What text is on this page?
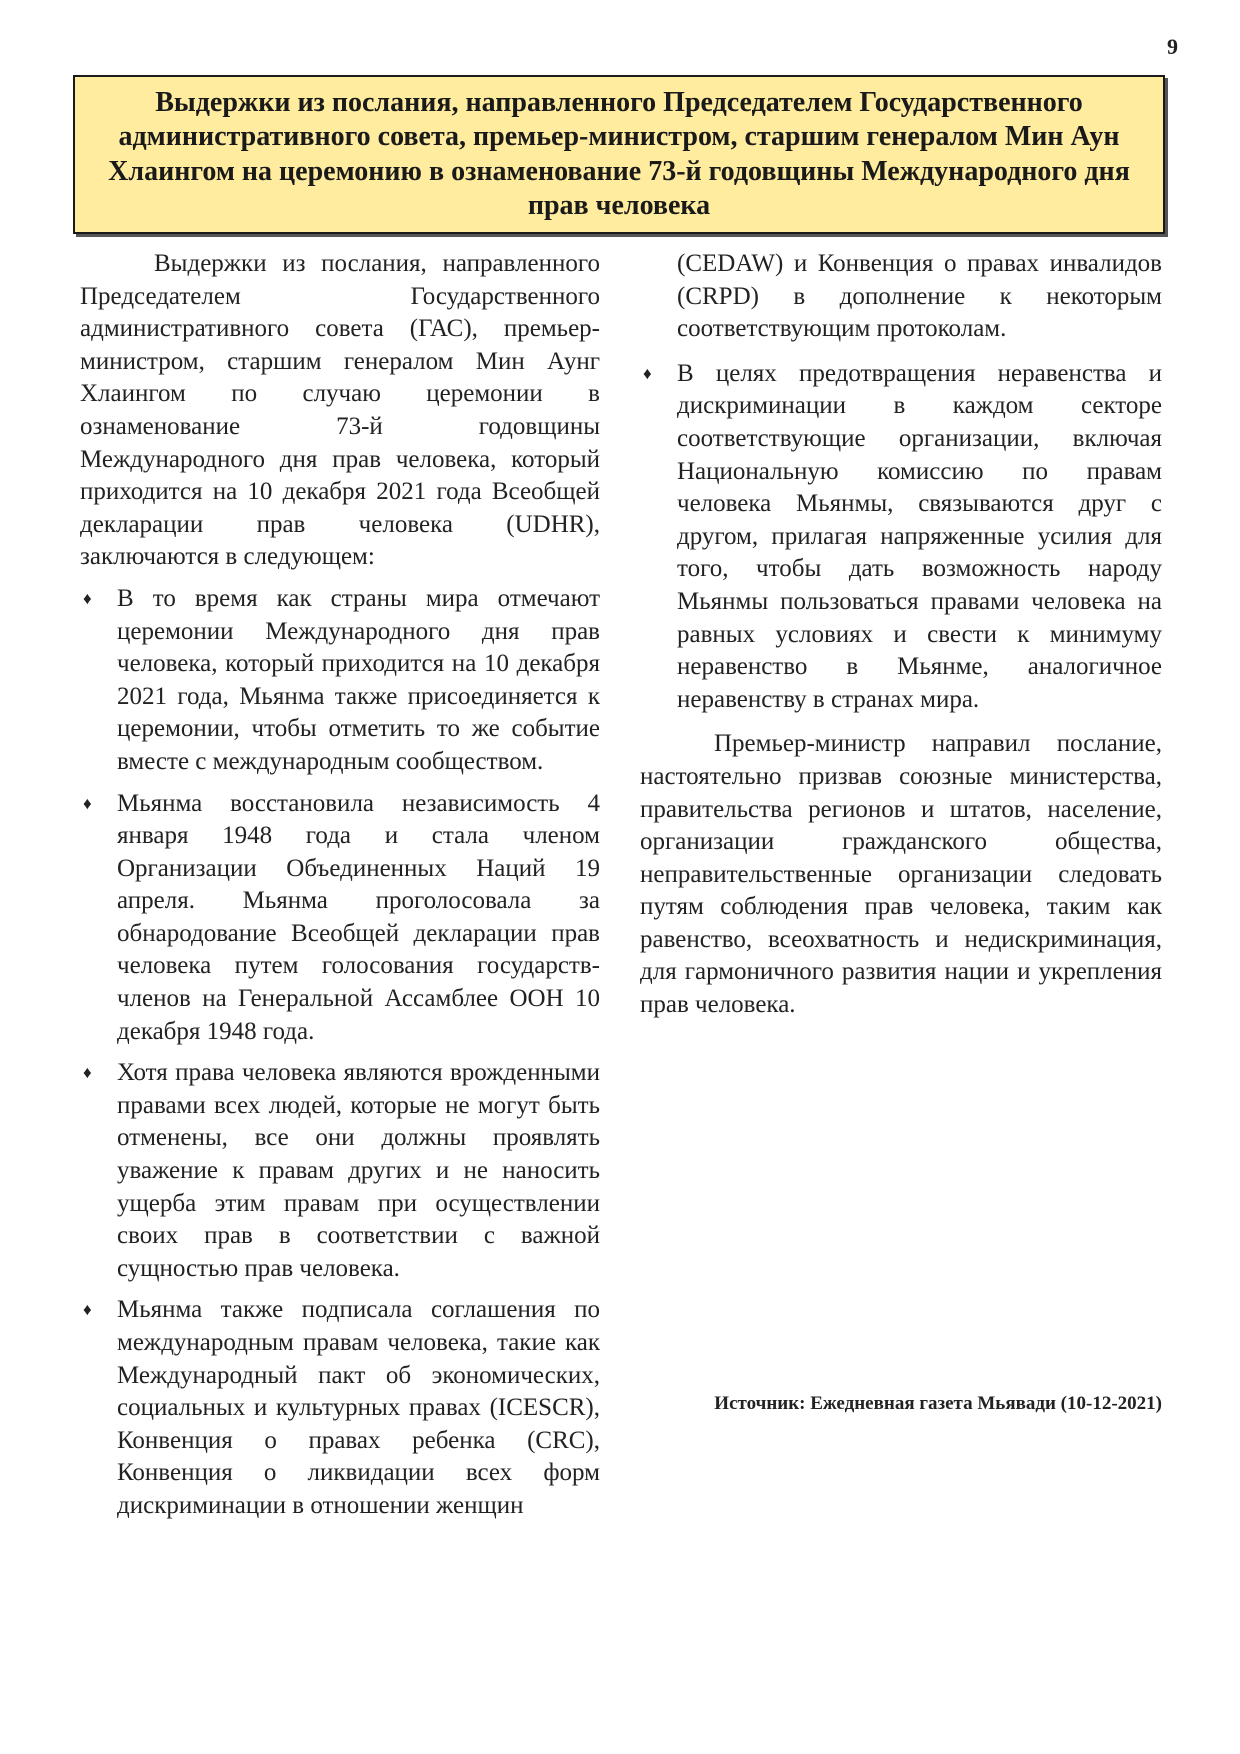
9

Выдержки из послания, направленного Председателем Государственного административного совета, премьер-министром, старшим генералом Мин Аун Хлаингом на церемонию в ознаменование 73-й годовщины Международного дня прав человека

Выдержки из послания, направленного Председателем Государственного административного совета (ГАС), премьер-министром, старшим генералом Мин Аунг Хлаингом по случаю церемонии в ознаменование 73-й годовщины Международного дня прав человека, который приходится на 10 декабря 2021 года Всеобщей декларации прав человека (UDHR), заключаются в следующем:

♦ В то время как страны мира отмечают церемонии Международного дня прав человека, который приходится на 10 декабря 2021 года, Мьянма также присоединяется к церемонии, чтобы отметить то же событие вместе с международным сообществом.
♦ Мьянма восстановила независимость 4 января 1948 года и стала членом Организации Объединенных Наций 19 апреля. Мьянма проголосовала за обнародование Всеобщей декларации прав человека путем голосования государств-членов на Генеральной Ассамблее ООН 10 декабря 1948 года.
♦ Хотя права человека являются врожденными правами всех людей, которые не могут быть отменены, все они должны проявлять уважение к правам других и не наносить ущерба этим правам при осуществлении своих прав в соответствии с важной сущностью прав человека.
♦ Мьянма также подписала соглашения по международным правам человека, такие как Международный пакт об экономических, социальных и культурных правах (ICESCR), Конвенция о правах ребенка (CRC), Конвенция о ликвидации всех форм дискриминации в отношении женщин
(CEDAW) и Конвенция о правах инвалидов (CRPD) в дополнение к некоторым соответствующим протоколам.
♦ В целях предотвращения неравенства и дискриминации в каждом секторе соответствующие организации, включая Национальную комиссию по правам человека Мьянмы, связываются друг с другом, прилагая напряженные усилия для того, чтобы дать возможность народу Мьянмы пользоваться правами человека на равных условиях и свести к минимуму неравенство в Мьянме, аналогичное неравенству в странах мира.

Премьер-министр направил послание, настоятельно призвав союзные министерства, правительства регионов и штатов, население, организации гражданского общества, неправительственные организации следовать путям соблюдения прав человека, таким как равенство, всеохватность и недискриминация, для гармоничного развития нации и укрепления прав человека.

Источник: Ежедневная газета Мьявади (10-12-2021)
